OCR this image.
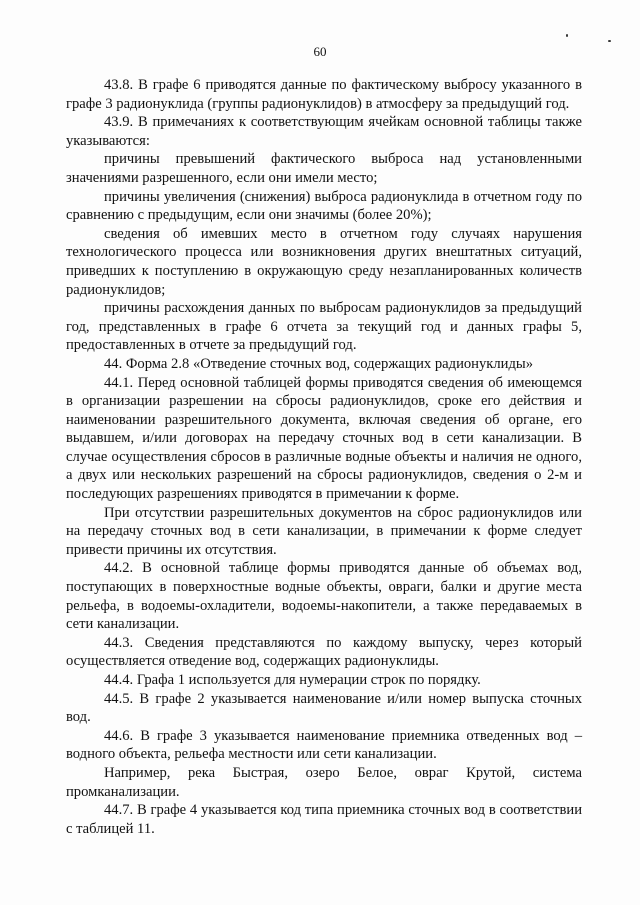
60

43.8. В графе 6 приводятся данные по фактическому выбросу указанного в графе 3 радионуклида (группы радионуклидов) в атмосферу за предыдущий год.

43.9. В примечаниях к соответствующим ячейкам основной таблицы также указываются:

причины превышений фактического выброса над установленными значениями разрешенного, если они имели место;

причины увеличения (снижения) выброса радионуклида в отчетном году по сравнению с предыдущим, если они значимы (более 20%);

сведения об имевших место в отчетном году случаях нарушения технологического процесса или возникновения других внештатных ситуаций, приведших к поступлению в окружающую среду незапланированных количеств радионуклидов;

причины расхождения данных по выбросам радионуклидов за предыдущий год, представленных в графе 6 отчета за текущий год и данных графы 5, предоставленных в отчете за предыдущий год.

44. Форма 2.8 «Отведение сточных вод, содержащих радионуклиды»

44.1. Перед основной таблицей формы приводятся сведения об имеющемся в организации разрешении на сбросы радионуклидов, сроке его действия и наименовании разрешительного документа, включая сведения об органе, его выдавшем, и/или договорах на передачу сточных вод в сети канализации. В случае осуществления сбросов в различные водные объекты и наличия не одного, а двух или нескольких разрешений на сбросы радионуклидов, сведения о 2-м и последующих разрешениях приводятся в примечании к форме.

При отсутствии разрешительных документов на сброс радионуклидов или на передачу сточных вод в сети канализации, в примечании к форме следует привести причины их отсутствия.

44.2. В основной таблице формы приводятся данные об объемах вод, поступающих в поверхностные водные объекты, овраги, балки и другие места рельефа, в водоемы-охладители, водоемы-накопители, а также передаваемых в сети канализации.

44.3. Сведения представляются по каждому выпуску, через который осуществляется отведение вод, содержащих радионуклиды.

44.4. Графа 1 используется для нумерации строк по порядку.

44.5. В графе 2 указывается наименование и/или номер выпуска сточных вод.

44.6. В графе 3 указывается наименование приемника отведенных вод – водного объекта, рельефа местности или сети канализации.

Например, река Быстрая, озеро Белое, овраг Крутой, система промканализации.

44.7. В графе 4 указывается код типа приемника сточных вод в соответствии с таблицей 11.
